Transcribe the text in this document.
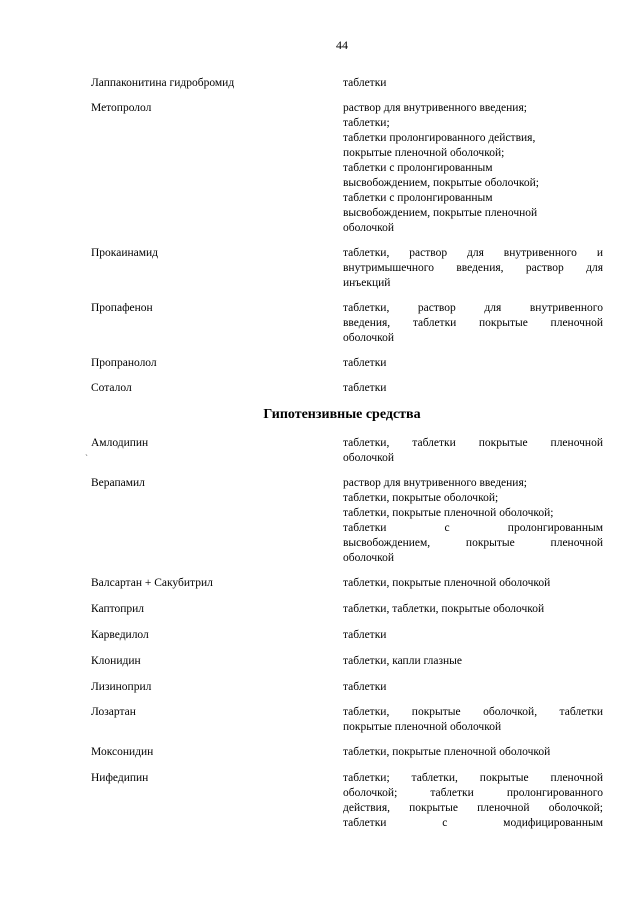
44
Лаппаконитина гидробромид	таблетки
Метопролол	раствор для внутривенного введения;
таблетки;
таблетки пролонгированного действия,
покрытые пленочной оболочкой;
таблетки с пролонгированным
высвобождением, покрытые оболочкой;
таблетки с пролонгированным
высвобождением, покрытые пленочной
оболочкой
Прокаинамид	таблетки, раствор для внутривенного и
внутримышечного введения, раствор для
инъекций
Пропафенон	таблетки, раствор для внутривенного
введения, таблетки покрытые пленочной
оболочкой
Пропранолол	таблетки
Соталол	таблетки
Гипотензивные средства
`
Амлодипин	таблетки, таблетки покрытые пленочной
оболочкой
Верапамил	раствор для внутривенного введения;
таблетки, покрытые оболочкой;
таблетки, покрытые пленочной оболочкой;
таблетки с пролонгированным
высвобождением, покрытые пленочной
оболочкой
Валсартан + Сакубитрил	таблетки, покрытые пленочной оболочкой
Каптоприл	таблетки, таблетки, покрытые оболочкой
Карведилол	таблетки
Клонидин	таблетки, капли глазные
Лизиноприл	таблетки
Лозартан	таблетки, покрытые оболочкой, таблетки
покрытые пленочной оболочкой
Моксонидин	таблетки, покрытые пленочной оболочкой
Нифедипин	таблетки; таблетки, покрытые пленочной
оболочкой; таблетки пролонгированного
действия, покрытые пленочной оболочкой;
таблетки с модифицированным
